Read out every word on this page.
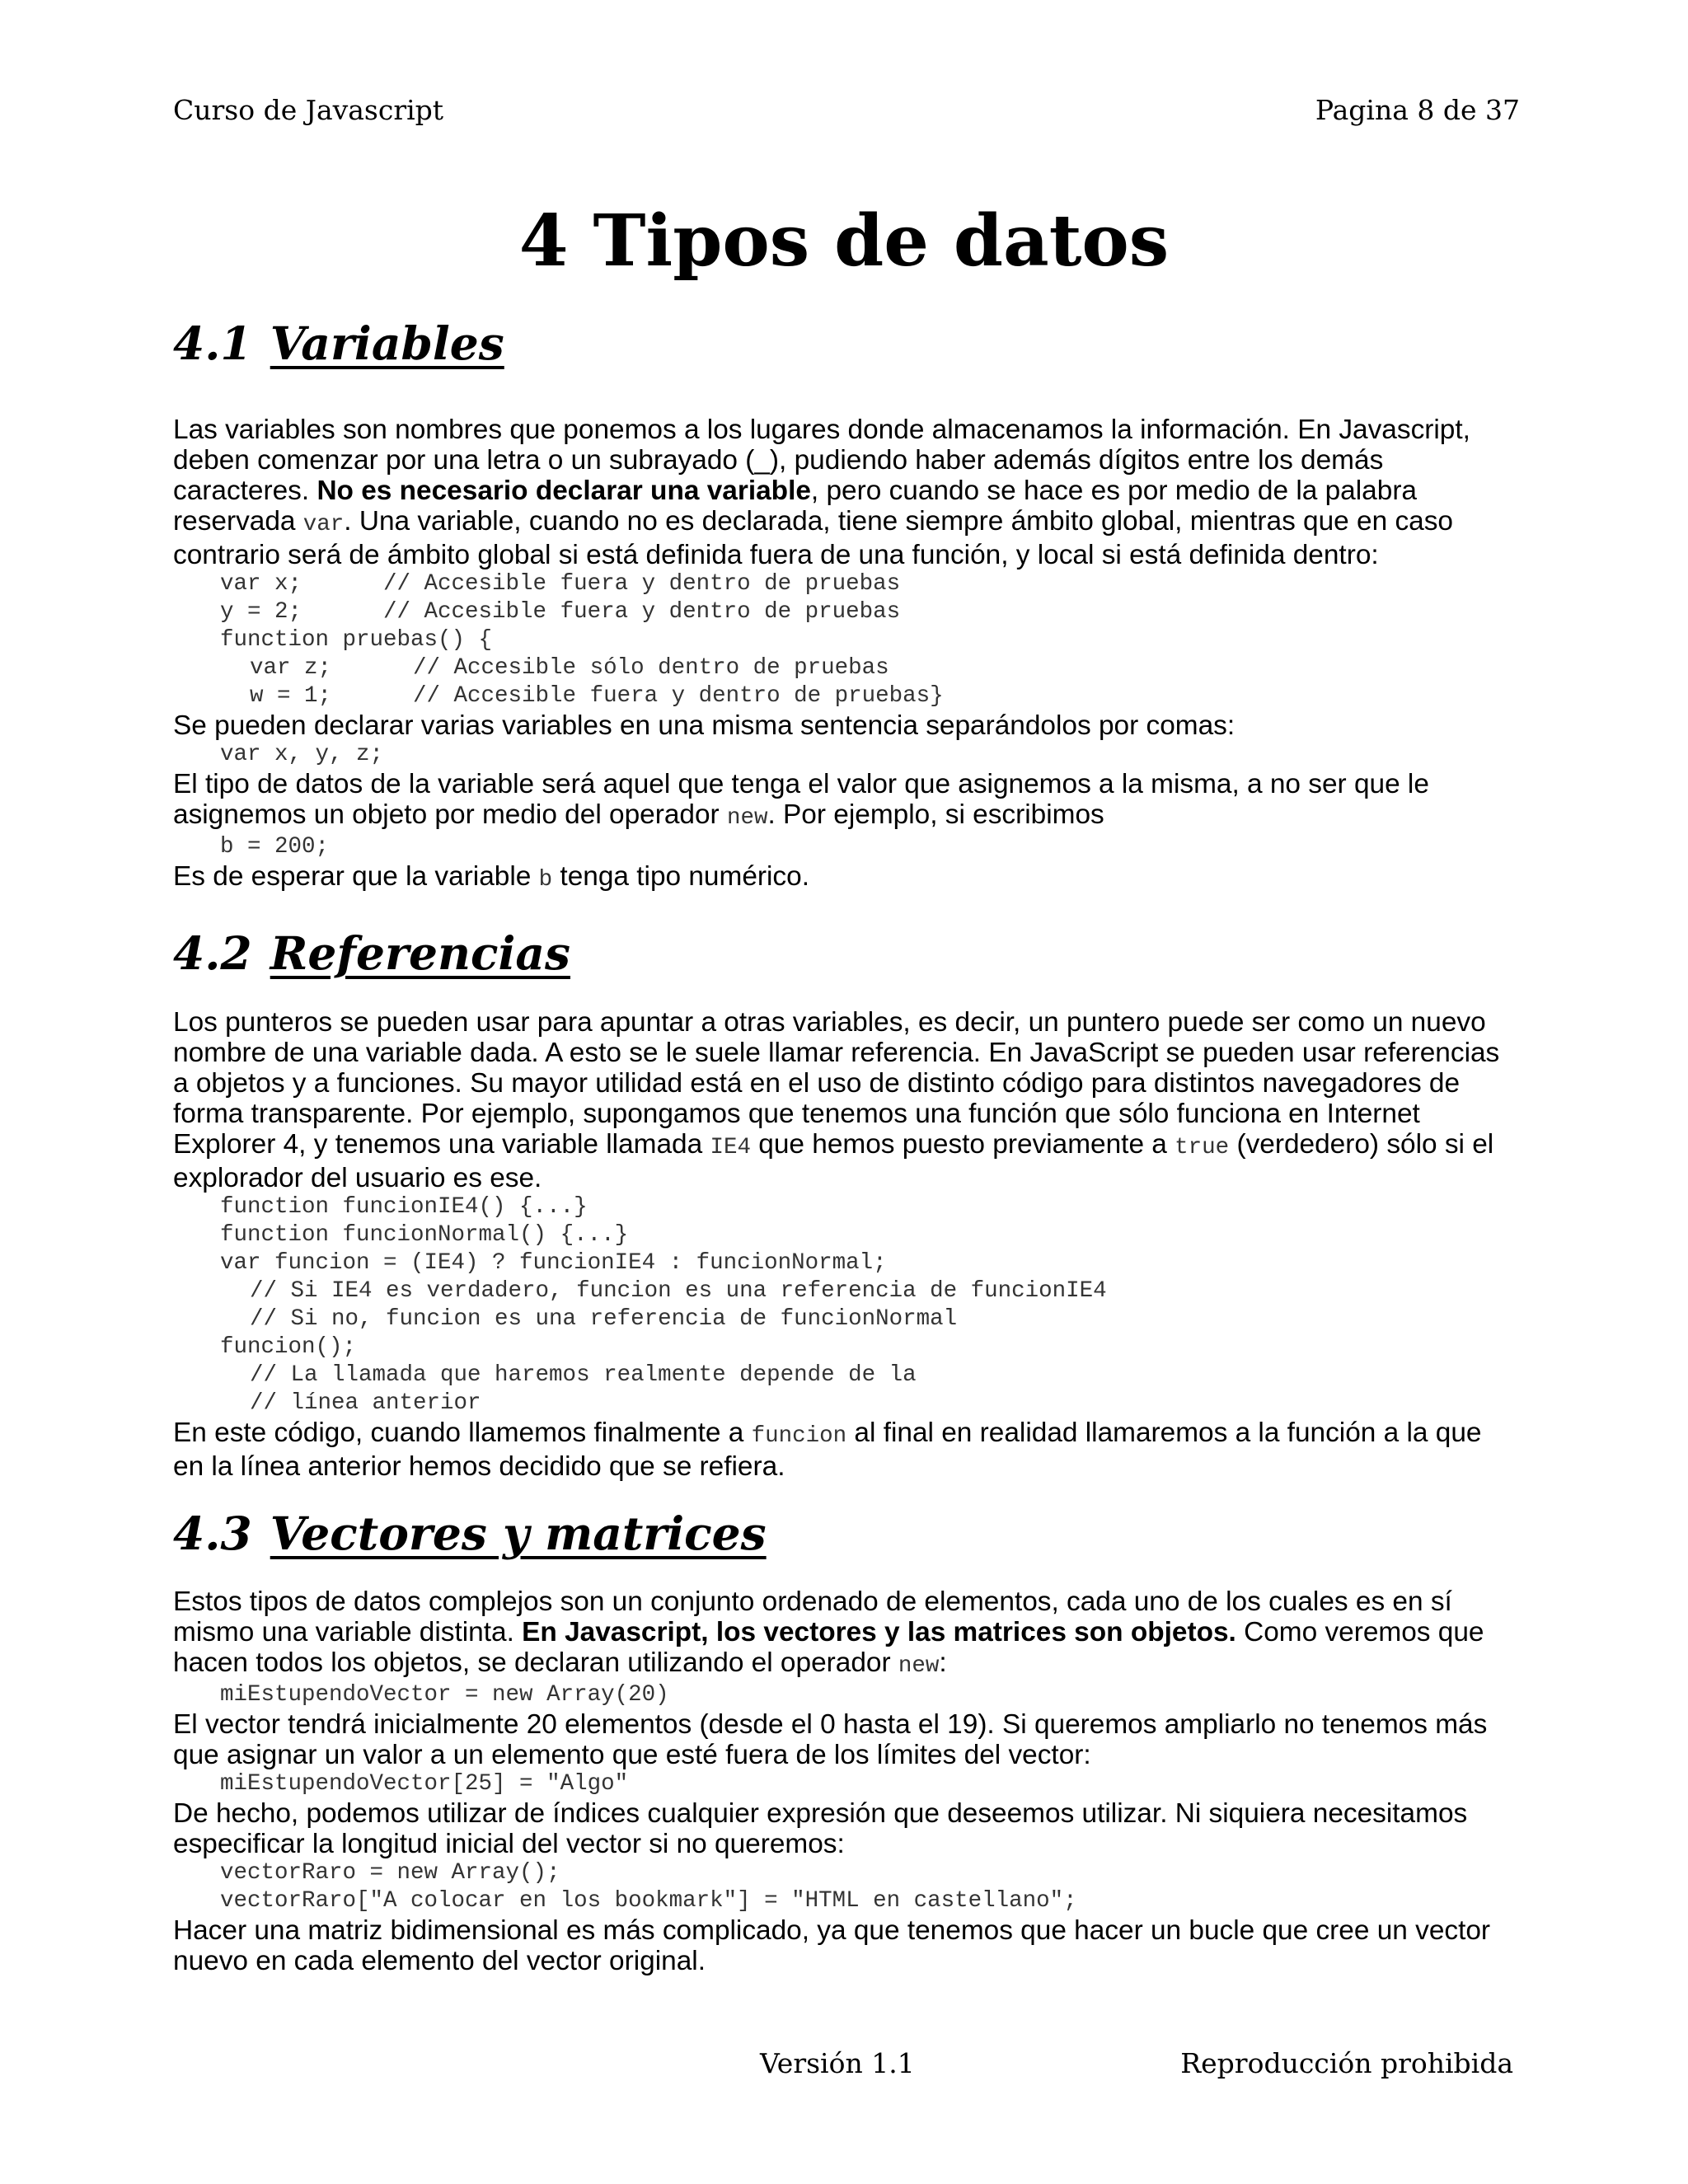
Curso de Javascript	Pagina 8 de 37
4 Tipos de datos
4.1 Variables
Las variables son nombres que ponemos a los lugares donde almacenamos la información. En Javascript,
deben comenzar por una letra o un subrayado (_), pudiendo haber además dígitos entre los demás
caracteres. No es necesario declarar una variable, pero cuando se hace es por medio de la palabra
reservada var. Una variable, cuando no es declarada, tiene siempre ámbito global, mientras que en caso
contrario será de ámbito global si está definida fuera de una función, y local si está definida dentro:
var x;      // Accesible fuera y dentro de pruebas
y = 2;      // Accesible fuera y dentro de pruebas
function pruebas() {
var z;      // Accesible sólo dentro de pruebas
w = 1;      // Accesible fuera y dentro de pruebas}
Se pueden declarar varias variables en una misma sentencia separándolos por comas:
var x, y, z;
El tipo de datos de la variable será aquel que tenga el valor que asignemos a la misma, a no ser que le
asignemos un objeto por medio del operador new. Por ejemplo, si escribimos
b = 200;
Es de esperar que la variable b tenga tipo numérico.
4.2 Referencias
Los punteros se pueden usar para apuntar a otras variables, es decir, un puntero puede ser como un nuevo
nombre de una variable dada. A esto se le suele llamar referencia. En JavaScript se pueden usar referencias
a objetos y a funciones. Su mayor utilidad está en el uso de distinto código para distintos navegadores de
forma transparente. Por ejemplo, supongamos que tenemos una función que sólo funciona en Internet
Explorer 4, y tenemos una variable llamada IE4 que hemos puesto previamente a true (verdedero) sólo si el
explorador del usuario es ese.
function funcionIE4() {...}
function funcionNormal() {...}
var funcion = (IE4) ? funcionIE4 : funcionNormal;
// Si IE4 es verdadero, funcion es una referencia de funcionIE4
// Si no, funcion es una referencia de funcionNormal
funcion();
// La llamada que haremos realmente depende de la
// línea anterior
En este código, cuando llamemos finalmente a funcion al final en realidad llamaremos a la función a la que
en la línea anterior hemos decidido que se refiera.
4.3 Vectores y matrices
Estos tipos de datos complejos son un conjunto ordenado de elementos, cada uno de los cuales es en sí
mismo una variable distinta. En Javascript, los vectores y las matrices son objetos. Como veremos que
hacen todos los objetos, se declaran utilizando el operador new:
miEstupendoVector = new Array(20)
El vector tendrá inicialmente 20 elementos (desde el 0 hasta el 19). Si queremos ampliarlo no tenemos más
que asignar un valor a un elemento que esté fuera de los límites del vector:
miEstupendoVector[25] = "Algo"
De hecho, podemos utilizar de índices cualquier expresión que deseemos utilizar. Ni siquiera necesitamos
especificar la longitud inicial del vector si no queremos:
vectorRaro = new Array();
vectorRaro["A colocar en los bookmark"] = "HTML en castellano";
Hacer una matriz bidimensional es más complicado, ya que tenemos que hacer un bucle que cree un vector
nuevo en cada elemento del vector original.
Versión 1.1	Reproducción prohibida
